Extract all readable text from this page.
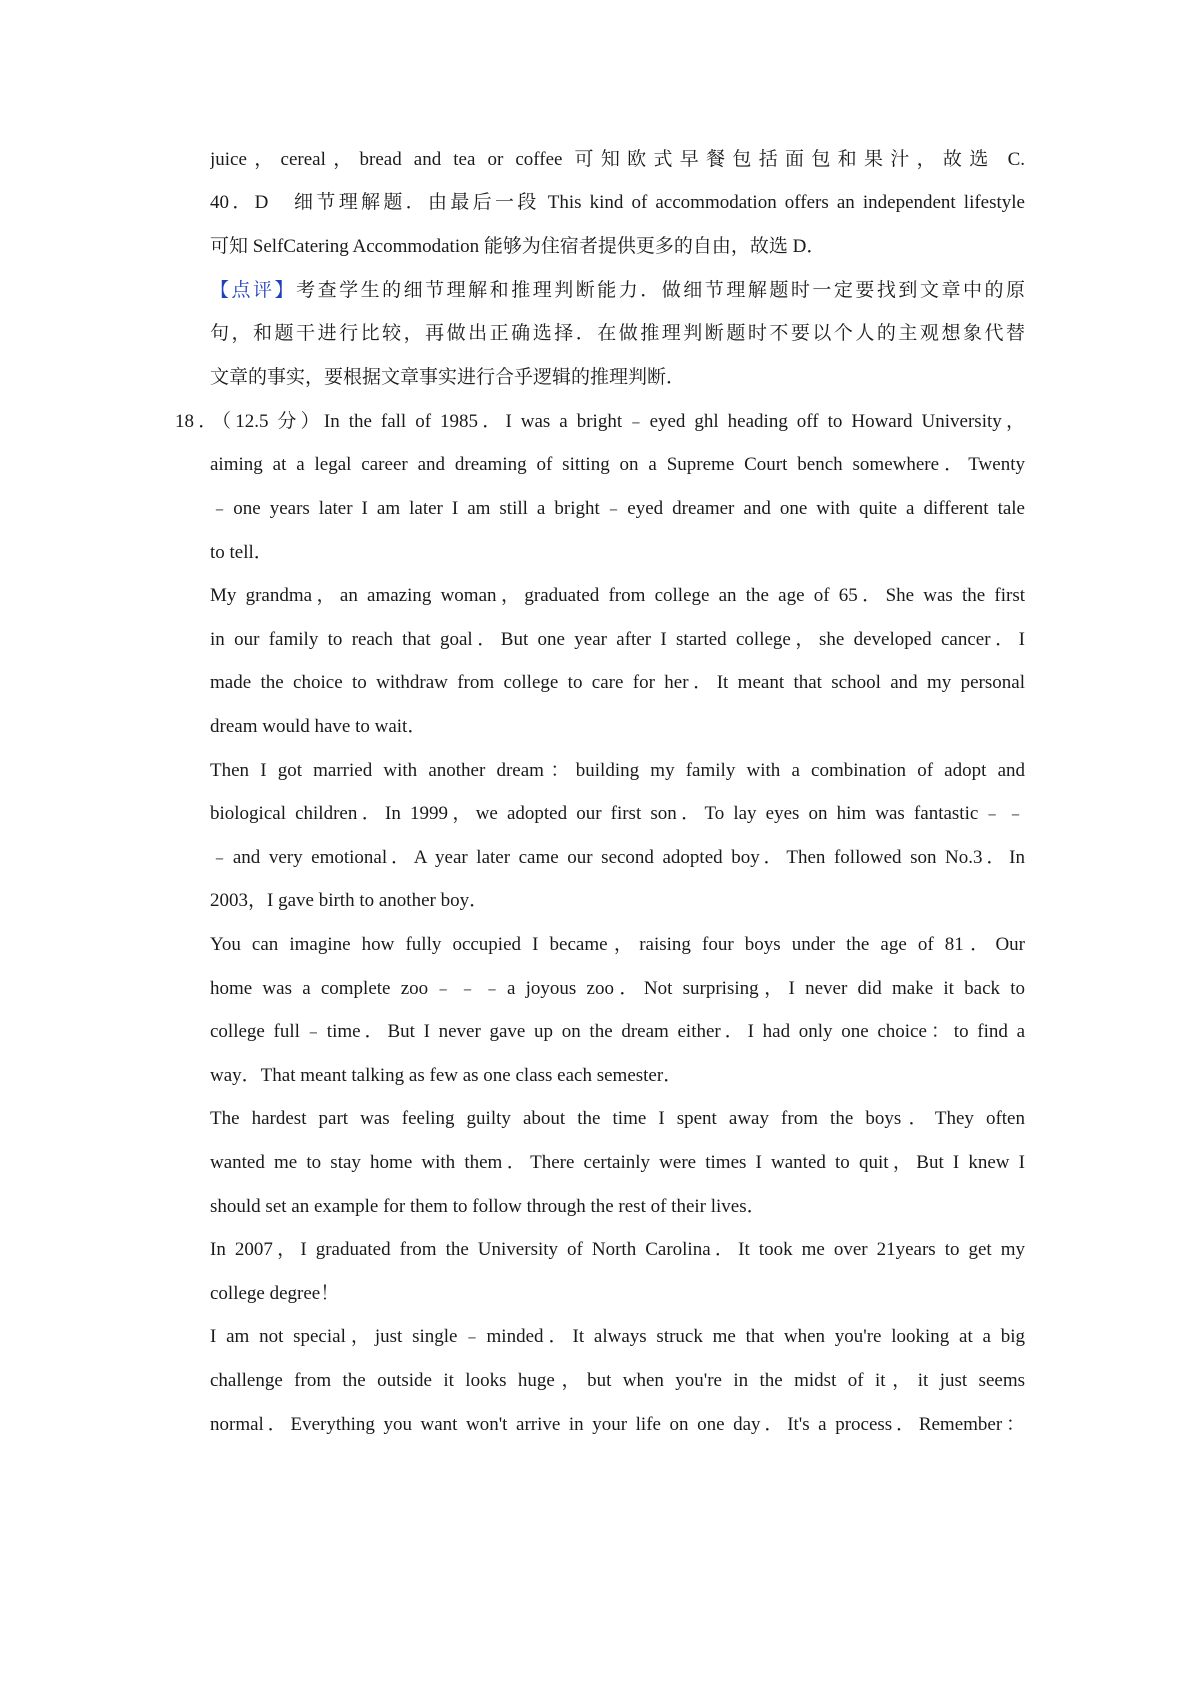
juice，cereal，bread and tea or coffee 可知欧式早餐包括面包和果汁，故选 C.
40．D　细节理解题．由最后一段 This kind of accommodation offers an independent lifestyle
可知 SelfCatering Accommodation 能够为住宿者提供更多的自由，故选 D．
【点评】考查学生的细节理解和推理判断能力．做细节理解题时一定要找到文章中的原
句，和题干进行比较，再做出正确选择．在做推理判断题时不要以个人的主观想象代替
文章的事实，要根据文章事实进行合乎逻辑的推理判断．
18．（12.5 分）In the fall of 1985．I was a bright﹣eyed ghl heading off to Howard University，
aiming at a legal career and dreaming of sitting on a Supreme Court bench somewhere．Twenty
﹣one years later I am later I am still a bright﹣eyed dreamer and one with quite a different tale
to tell．
My grandma，an amazing woman，graduated from college an the age of 65．She was the first
in our family to reach that goal．But one year after I started college，she developed cancer．I
made the choice to withdraw from college to care for her．It meant that school and my personal
dream would have to wait．
Then I got married with another dream：building my family with a combination of adopt and
biological children．In 1999，we adopted our first son．To lay eyes on him was fantastic﹣﹣
﹣and very emotional．A year later came our second adopted boy．Then followed son No.3．In
2003，I gave birth to another boy．
You can imagine how fully occupied I became，raising four boys under the age of 81．Our
home was a complete zoo﹣﹣﹣a joyous zoo．Not surprising，I never did make it back to
college full﹣time．But I never gave up on the dream either．I had only one choice：to find a
way．That meant talking as few as one class each semester．
The hardest part was feeling guilty about the time I spent away from the boys．They often
wanted me to stay home with them．There certainly were times I wanted to quit，But I knew I
should set an example for them to follow through the rest of their lives．
In 2007，I graduated from the University of North Carolina．It took me over 21years to get my
college degree！
I am not special，just single﹣minded．It always struck me that when you're looking at a big
challenge from the outside it looks huge，but when you're in the midst of it，it just seems
normal．Everything you want won't arrive in your life on one day．It's a process．Remember：
